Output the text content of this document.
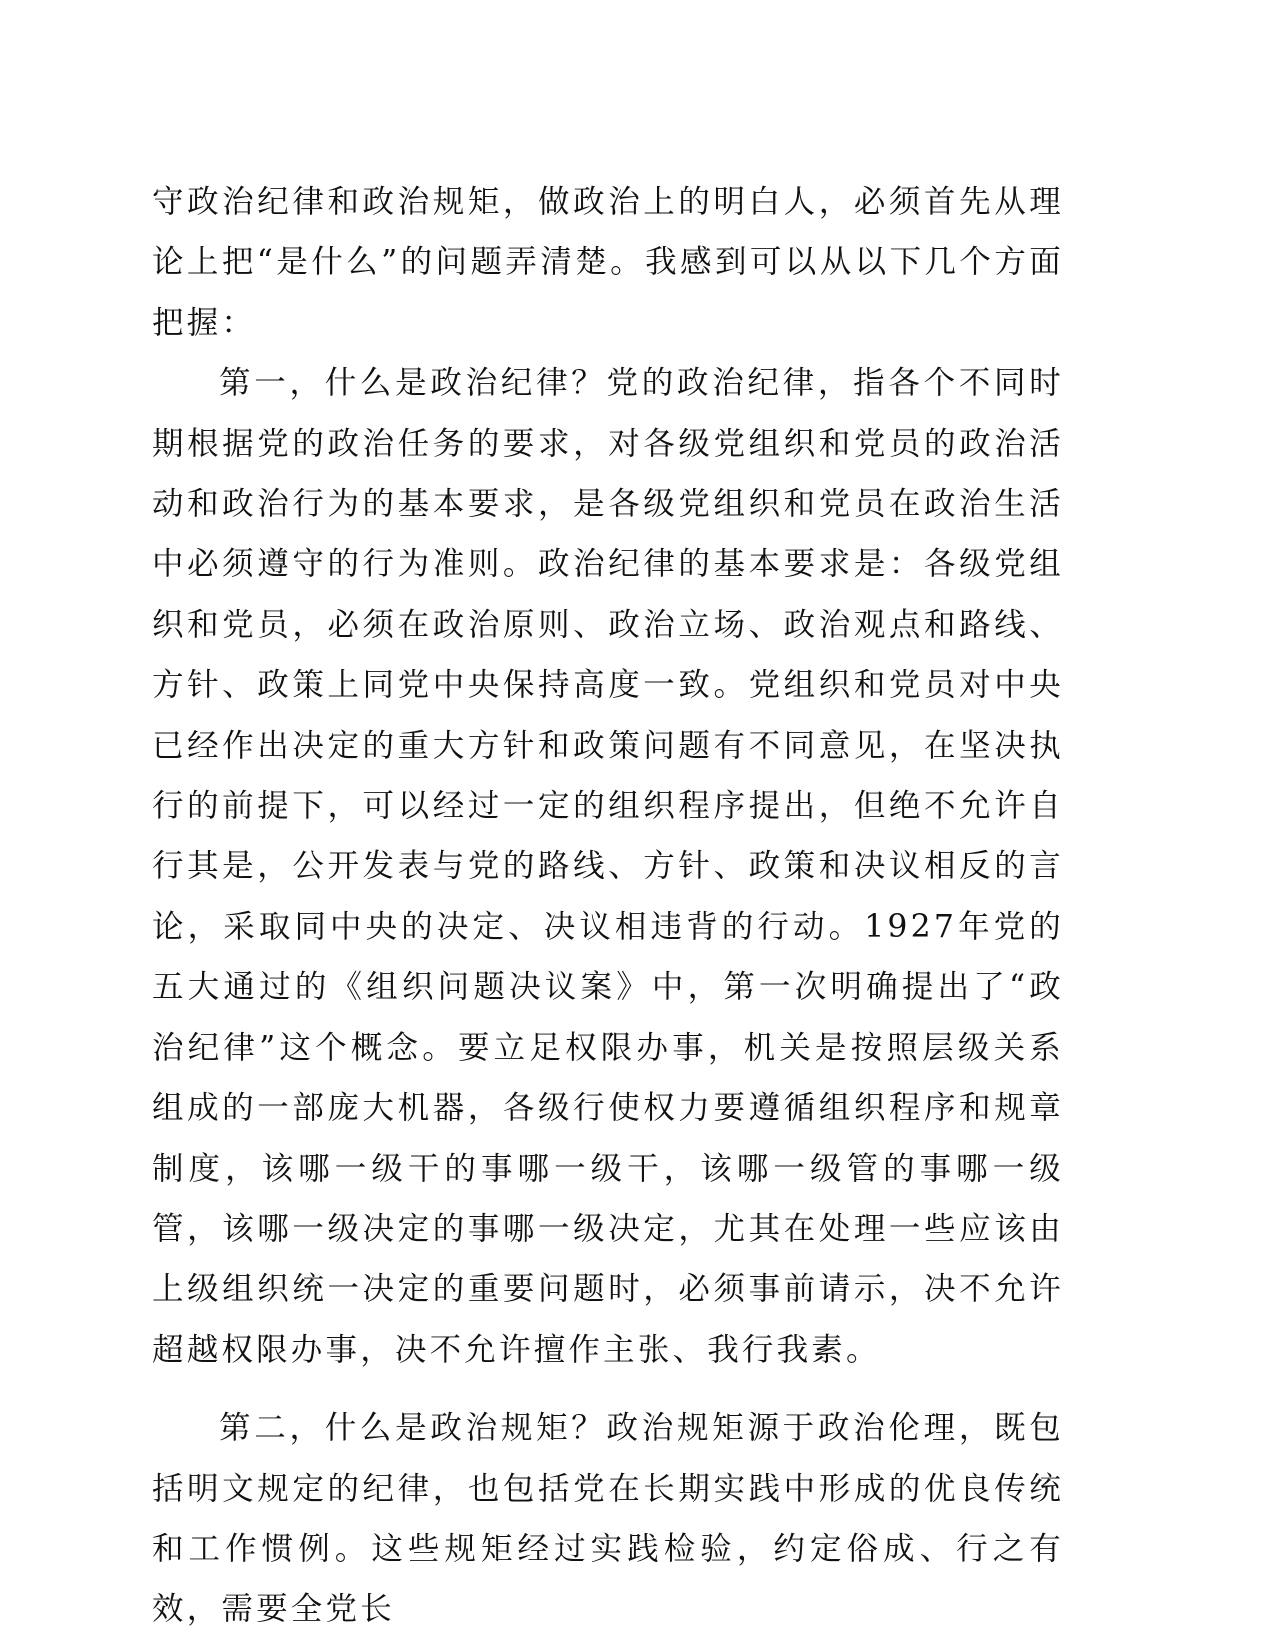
守政治纪律和政治规矩，做政治上的明白人，必须首先从理论上把“是什么”的问题弄清楚。我感到可以从以下几个方面把握：

第一，什么是政治纪律？党的政治纪律，指各个不同时期根据党的政治任务的要求，对各级党组织和党员的政治活动和政治行为的基本要求，是各级党组织和党员在政治生活中必须遵守的行为准则。政治纪律的基本要求是：各级党组织和党员，必须在政治原则、政治立场、政治观点和路线、方针、政策上同党中央保持高度一致。党组织和党员对中央已经作出决定的重大方针和政策问题有不同意见，在坚决执行的前提下，可以经过一定的组织程序提出，但绝不允许自行其是，公开发表与党的路线、方针、政策和决议相反的言论，采取同中央的决定、决议相违背的行动。1927年党的五大通过的《组织问题决议案》中，第一次明确提出了“政治纪律”这个概念。要立足权限办事，机关是按照层级关系组成的一部庞大机器，各级行使权力要遵循组织程序和规章制度，该哪一级干的事哪一级干，该哪一级管的事哪一级管，该哪一级决定的事哪一级决定，尤其在处理一些应该由上级组织统一决定的重要问题时，必须事前请示，决不允许超越权限办事，决不允许擅作主张、我行我素。

第二，什么是政治规矩？政治规矩源于政治伦理，既包括明文规定的纪律，也包括党在长期实践中形成的优良传统和工作惯例。这些规矩经过实践检验，约定俗成、行之有效，需要全党长
